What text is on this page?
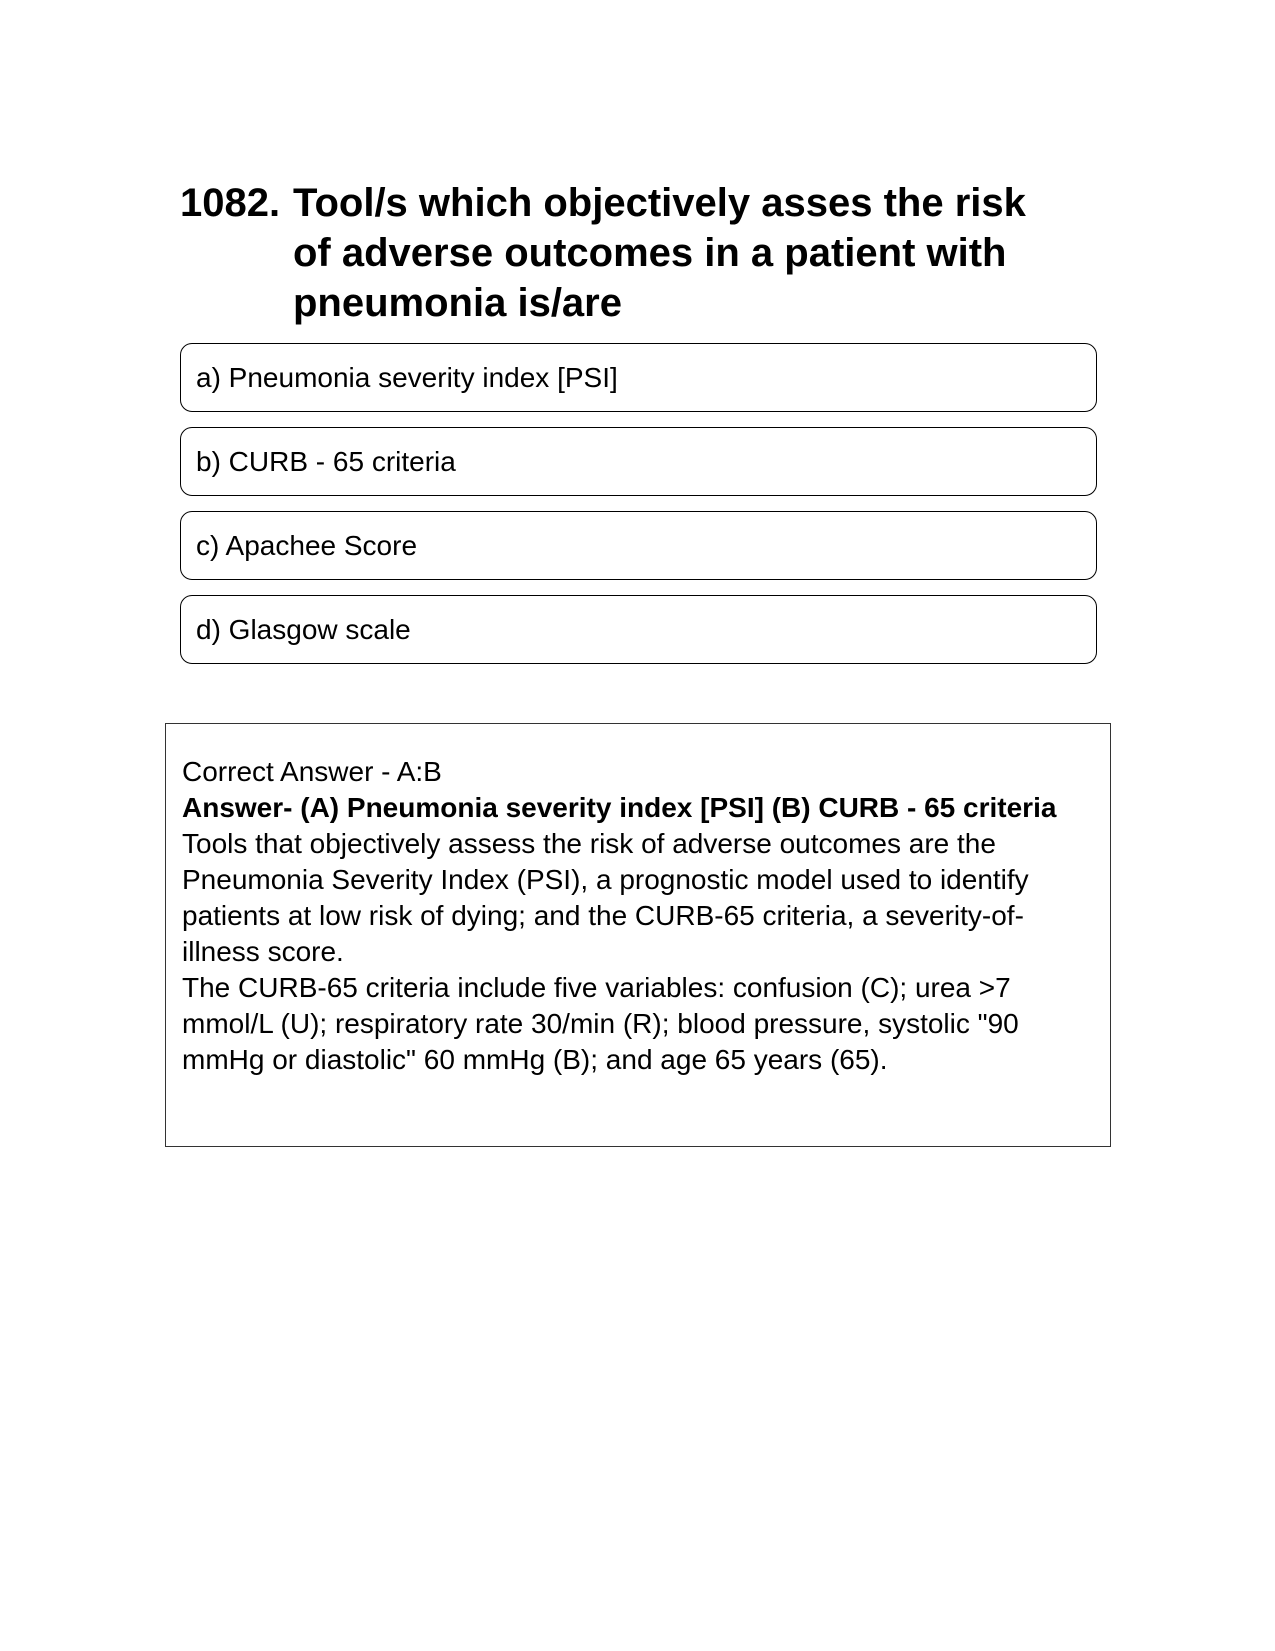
1082. Tool/s which objectively asses the risk of adverse outcomes in a patient with pneumonia is/are
a) Pneumonia severity index [PSI]
b) CURB - 65 criteria
c) Apachee Score
d) Glasgow scale

Correct Answer - A:B

Answer- (A) Pneumonia severity index [PSI] (B) CURB - 65 criteria

Tools that objectively assess the risk of adverse outcomes are the Pneumonia Severity Index (PSI), a prognostic model used to identify patients at low risk of dying; and the CURB-65 criteria, a severity-of-illness score.

The CURB-65 criteria include five variables: confusion (C); urea >7 mmol/L (U); respiratory rate 30/min (R); blood pressure, systolic "90 mmHg or diastolic" 60 mmHg (B); and age 65 years (65).
